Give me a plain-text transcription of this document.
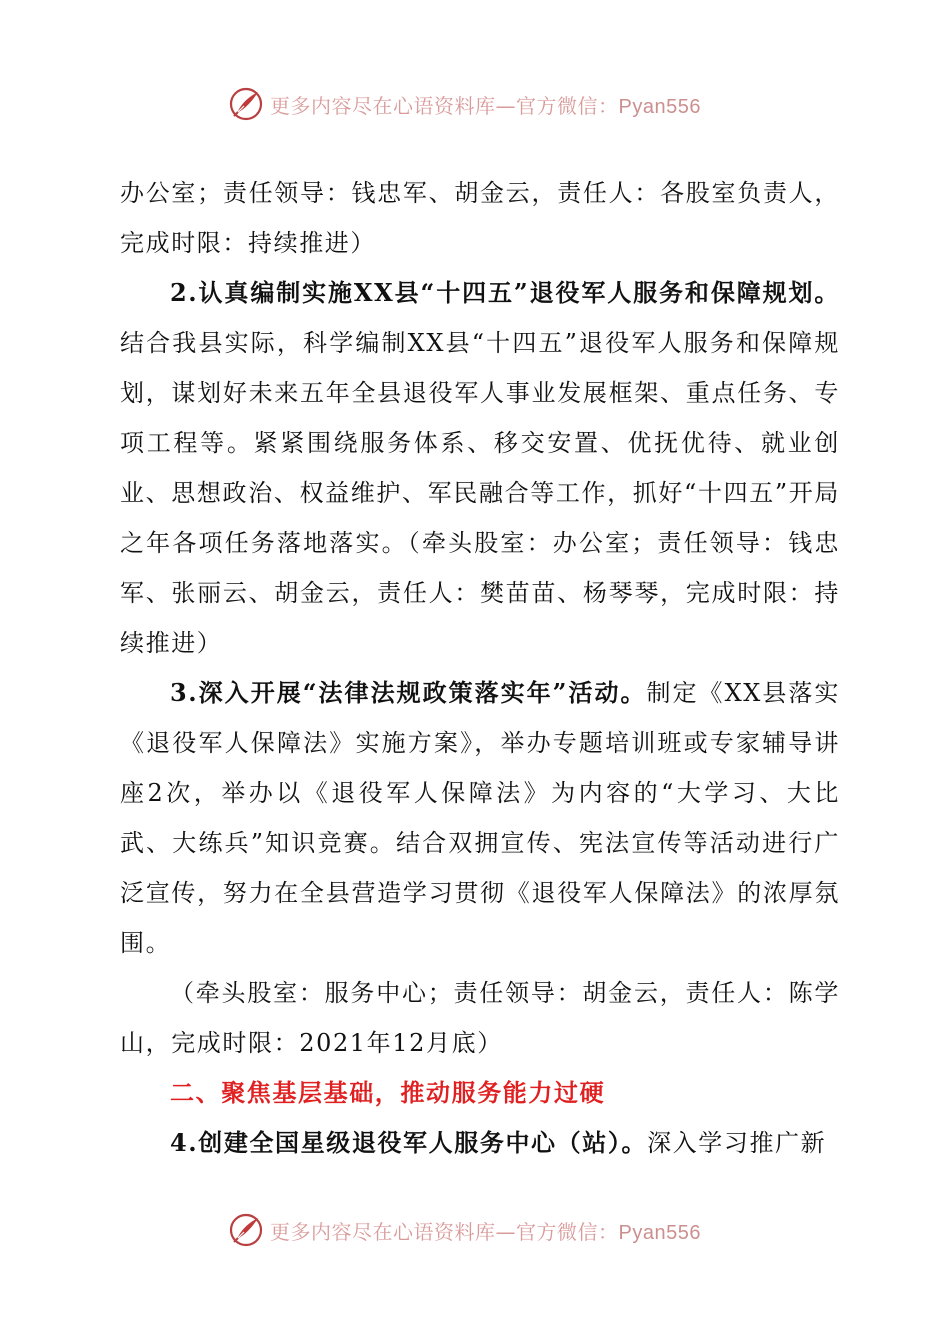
更多内容尽在心语资料库—官方微信：Pyan556

办公室；责任领导：钱忠军、胡金云，责任人：各股室负责人，完成时限：持续推进）

2.认真编制实施XX县“十四五”退役军人服务和保障规划。结合我县实际，科学编制XX县“十四五”退役军人服务和保障规划，谋划好未来五年全县退役军人事业发展框架、重点任务、专项工程等。紧紧围绕服务体系、移交安置、优抚优待、就业创业、思想政治、权益维护、军民融合等工作，抓好“十四五”开局之年各项任务落地落实。（牵头股室：办公室；责任领导：钱忠军、张丽云、胡金云，责任人：樊苗苗、杨琴琴，完成时限：持续推进）

3.深入开展“法律法规政策落实年”活动。制定《XX县落实《退役军人保障法》实施方案》，举办专题培训班或专家辅导讲座2次，举办以《退役军人保障法》为内容的“大学习、大比武、大练兵”知识竞赛。结合双拥宣传、宪法宣传等活动进行广泛宣传，努力在全县营造学习贯彻《退役军人保障法》的浓厚氛围。

（牵头股室：服务中心；责任领导：胡金云，责任人：陈学山，完成时限：2021年12月底）

二、聚焦基层基础，推动服务能力过硬

4.创建全国星级退役军人服务中心（站）。深入学习推广新

更多内容尽在心语资料库—官方微信：Pyan556
